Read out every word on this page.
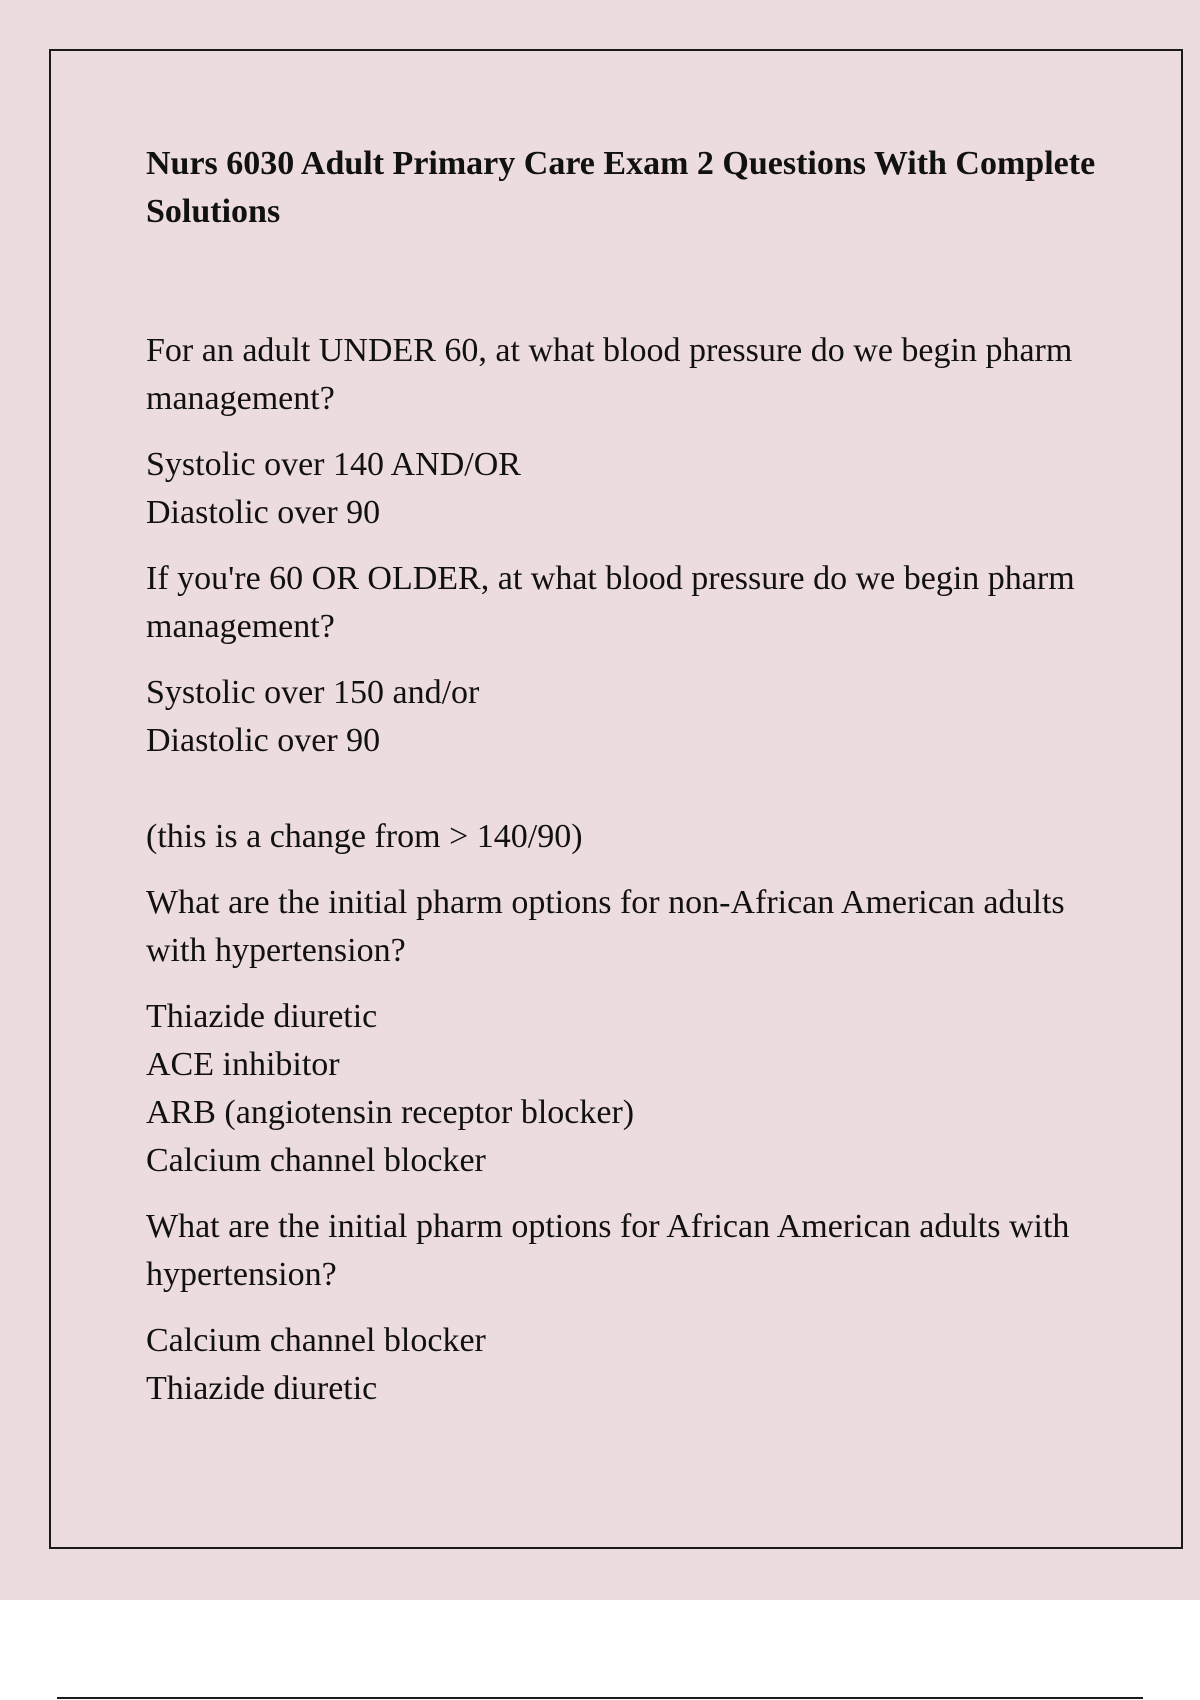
Nurs 6030 Adult Primary Care Exam 2 Questions With Complete Solutions

For an adult UNDER 60, at what blood pressure do we begin pharm management?

Systolic over 140 AND/OR

Diastolic over 90

If you're 60 OR OLDER, at what blood pressure do we begin pharm management?

Systolic over 150 and/or

Diastolic over 90

(this is a change from > 140/90)

What are the initial pharm options for non-African American adults with hypertension?

Thiazide diuretic

ACE inhibitor

ARB (angiotensin receptor blocker)

Calcium channel blocker

What are the initial pharm options for African American adults with hypertension?

Calcium channel blocker

Thiazide diuretic
